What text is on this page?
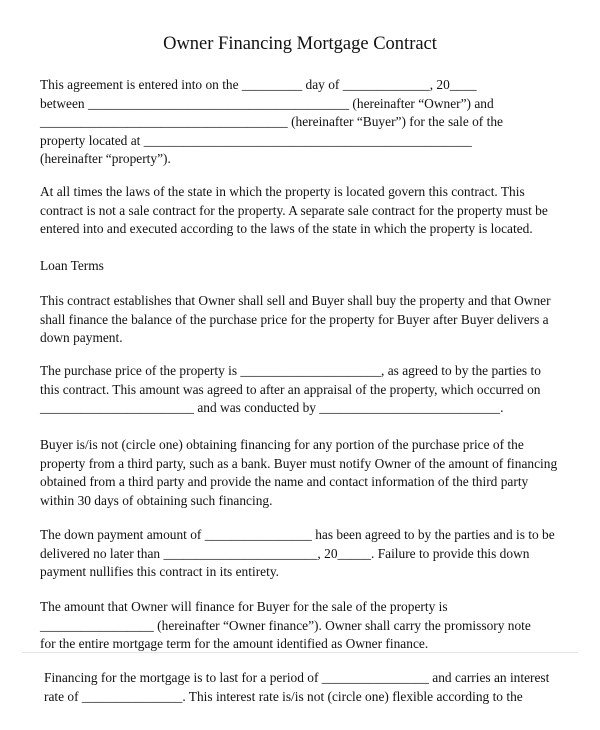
Owner Financing Mortgage Contract
This agreement is entered into on the _________ day of _____________, 20____
between _______________________________________ (hereinafter “Owner”) and
_____________________________________ (hereinafter “Buyer”) for the sale of the
property located at _________________________________________________
(hereinafter “property”).
At all times the laws of the state in which the property is located govern this contract. This
contract is not a sale contract for the property. A separate sale contract for the property must be
entered into and executed according to the laws of the state in which the property is located.
Loan Terms
This contract establishes that Owner shall sell and Buyer shall buy the property and that Owner
shall finance the balance of the purchase price for the property for Buyer after Buyer delivers a
down payment.
The purchase price of the property is _____________________, as agreed to by the parties to
this contract. This amount was agreed to after an appraisal of the property, which occurred on
_______________________ and was conducted by ___________________________.
Buyer is/is not (circle one) obtaining financing for any portion of the purchase price of the
property from a third party, such as a bank. Buyer must notify Owner of the amount of financing
obtained from a third party and provide the name and contact information of the third party
within 30 days of obtaining such financing.
The down payment amount of ________________ has been agreed to by the parties and is to be
delivered no later than _______________________, 20_____. Failure to provide this down
payment nullifies this contract in its entirety.
The amount that Owner will finance for Buyer for the sale of the property is
_________________ (hereinafter “Owner finance”). Owner shall carry the promissory note
for the entire mortgage term for the amount identified as Owner finance.
Financing for the mortgage is to last for a period of ________________ and carries an interest
rate of _______________. This interest rate is/is not (circle one) flexible according to the
